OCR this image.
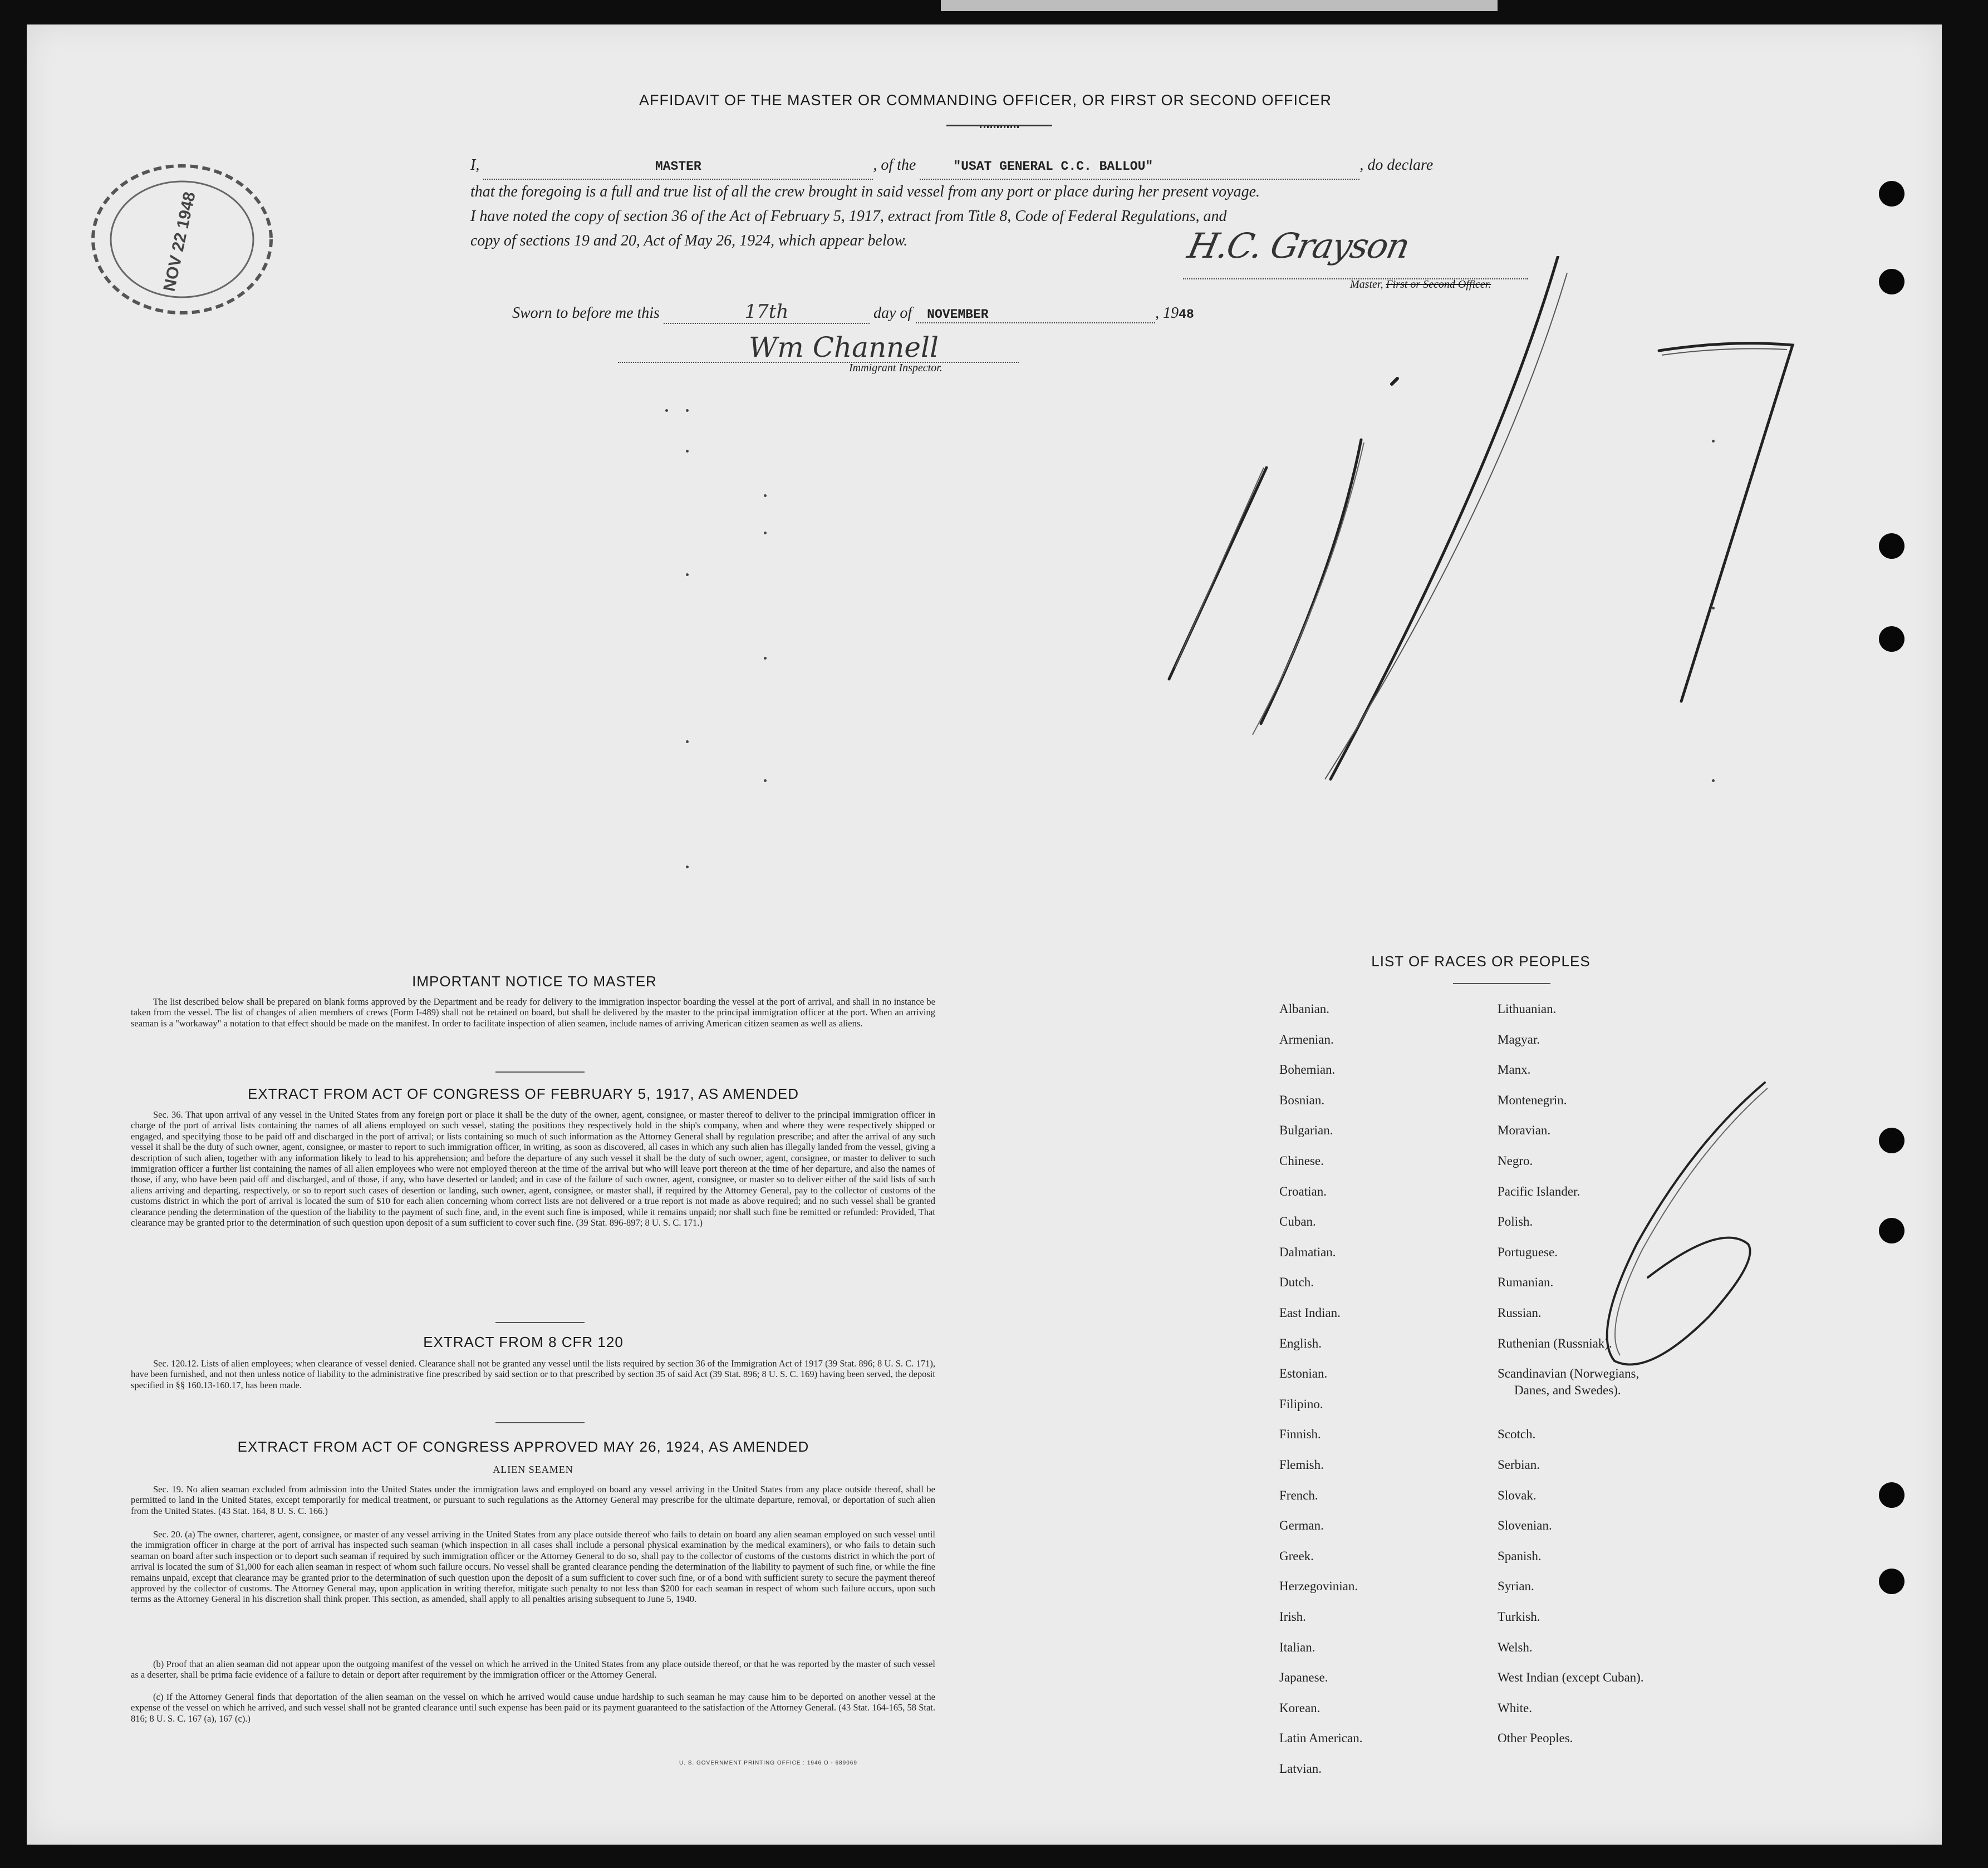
AFFIDAVIT OF THE MASTER OR COMMANDING OFFICER, OR FIRST OR SECOND OFFICER
I,	MASTER	, of the	"USAT GENERAL C.C. BALLOU"	, do declare
that the foregoing is a full and true list of all the crew brought in said vessel from any port or place during her present voyage.
I have noted the copy of section 36 of the Act of February 5, 1917, extract from Title 8, Code of Federal Regulations, and
copy of sections 19 and 20, Act of May 26, 1924, which appear below.	H.C. Grayson
Master, First or Second Officer.
Sworn to before me this	17th	day of NOVEMBER	, 1948
Wm Channell
Immigrant Inspector.
NOV 22 1948
IMPORTANT NOTICE TO MASTER
The list described below shall be prepared on blank forms approved by the Department and be ready for delivery to the immigration inspector boarding the vessel at the port of arrival, and shall in no instance be taken from the vessel. The list of changes of alien members of crews (Form I-489) shall not be retained on board, but shall be delivered by the master to the principal immigration officer at the port. When an arriving seaman is a "workaway" a notation to that effect should be made on the manifest. In order to facilitate inspection of alien seamen, include names of arriving American citizen seamen as well as aliens.
EXTRACT FROM ACT OF CONGRESS OF FEBRUARY 5, 1917, AS AMENDED
Sec. 36. That upon arrival of any vessel in the United States from any foreign port or place it shall be the duty of the owner, agent, consignee, or master thereof to deliver to the principal immigration officer in charge of the port of arrival lists containing the names of all aliens employed on such vessel, stating the positions they respectively hold in the ship's company, when and where they were respectively shipped or engaged, and specifying those to be paid off and discharged in the port of arrival; or lists containing so much of such information as the Attorney General shall by regulation prescribe; and after the arrival of any such vessel it shall be the duty of such owner, agent, consignee, or master to report to such immigration officer, in writing, as soon as discovered, all cases in which any such alien has illegally landed from the vessel, giving a description of such alien, together with any information likely to lead to his apprehension; and before the departure of any such vessel it shall be the duty of such owner, agent, consignee, or master to deliver to such immigration officer a further list containing the names of all alien employees who were not employed thereon at the time of the arrival but who will leave port thereon at the time of her departure, and also the names of those, if any, who have been paid off and discharged, and of those, if any, who have deserted or landed; and in case of the failure of such owner, agent, consignee, or master so to deliver either of the said lists of such aliens arriving and departing, respectively, or so to report such cases of desertion or landing, such owner, agent, consignee, or master shall, if required by the Attorney General, pay to the collector of customs of the customs district in which the port of arrival is located the sum of $10 for each alien concerning whom correct lists are not delivered or a true report is not made as above required; and no such vessel shall be granted clearance pending the determination of the question of the liability to the payment of such fine, and, in the event such fine is imposed, while it remains unpaid; nor shall such fine be remitted or refunded: Provided, That clearance may be granted prior to the determination of such question upon deposit of a sum sufficient to cover such fine. (39 Stat. 896-897; 8 U. S. C. 171.)
EXTRACT FROM 8 CFR 120
Sec. 120.12. Lists of alien employees; when clearance of vessel denied. Clearance shall not be granted any vessel until the lists required by section 36 of the Immigration Act of 1917 (39 Stat. 896; 8 U. S. C. 171), have been furnished, and not then unless notice of liability to the administrative fine prescribed by said section or to that prescribed by section 35 of said Act (39 Stat. 896; 8 U. S. C. 169) having been served, the deposit specified in §§ 160.13-160.17, has been made.
EXTRACT FROM ACT OF CONGRESS APPROVED MAY 26, 1924, AS AMENDED
ALIEN SEAMEN
Sec. 19. No alien seaman excluded from admission into the United States under the immigration laws and employed on board any vessel arriving in the United States from any place outside thereof, shall be permitted to land in the United States, except temporarily for medical treatment, or pursuant to such regulations as the Attorney General may prescribe for the ultimate departure, removal, or deportation of such alien from the United States. (43 Stat. 164, 8 U. S. C. 166.)
Sec. 20. (a) The owner, charterer, agent, consignee, or master of any vessel arriving in the United States from any place outside thereof who fails to detain on board any alien seaman employed on such vessel until the immigration officer in charge at the port of arrival has inspected such seaman (which inspection in all cases shall include a personal physical examination by the medical examiners), or who fails to detain such seaman on board after such inspection or to deport such seaman if required by such immigration officer or the Attorney General to do so, shall pay to the collector of customs of the customs district in which the port of arrival is located the sum of $1,000 for each alien seaman in respect of whom such failure occurs. No vessel shall be granted clearance pending the determination of the liability to payment of such fine, or while the fine remains unpaid, except that clearance may be granted prior to the determination of such question upon the deposit of a sum sufficient to cover such fine, or of a bond with sufficient surety to secure the payment thereof approved by the collector of customs. The Attorney General may, upon application in writing therefor, mitigate such penalty to not less than $200 for each seaman in respect of whom such failure occurs, upon such terms as the Attorney General in his discretion shall think proper. This section, as amended, shall apply to all penalties arising subsequent to June 5, 1940.
(b) Proof that an alien seaman did not appear upon the outgoing manifest of the vessel on which he arrived in the United States from any place outside thereof, or that he was reported by the master of such vessel as a deserter, shall be prima facie evidence of a failure to detain or deport after requirement by the immigration officer or the Attorney General.
(c) If the Attorney General finds that deportation of the alien seaman on the vessel on which he arrived would cause undue hardship to such seaman he may cause him to be deported on another vessel at the expense of the vessel on which he arrived, and such vessel shall not be granted clearance until such expense has been paid or its payment guaranteed to the satisfaction of the Attorney General. (43 Stat. 164-165, 58 Stat. 816; 8 U. S. C. 167 (a), 167 (c).)
U. S. GOVERNMENT PRINTING OFFICE : 1946 O - 689069
LIST OF RACES OR PEOPLES
Albanian.
Armenian.
Bohemian.
Bosnian.
Bulgarian.
Chinese.
Croatian.
Cuban.
Dalmatian.
Dutch.
East Indian.
English.
Estonian.
Filipino.
Finnish.
Flemish.
French.
German.
Greek.
Herzegovinian.
Irish.
Italian.
Japanese.
Korean.
Latin American.
Latvian.
Lithuanian.
Magyar.
Manx.
Montenegrin.
Moravian.
Negro.
Pacific Islander.
Polish.
Portuguese.
Rumanian.
Russian.
Ruthenian (Russniak).
Scandinavian (Norwegians,
Danes, and Swedes).
Scotch.
Serbian.
Slovak.
Slovenian.
Spanish.
Syrian.
Turkish.
Welsh.
West Indian (except Cuban).
White.
Other Peoples.
